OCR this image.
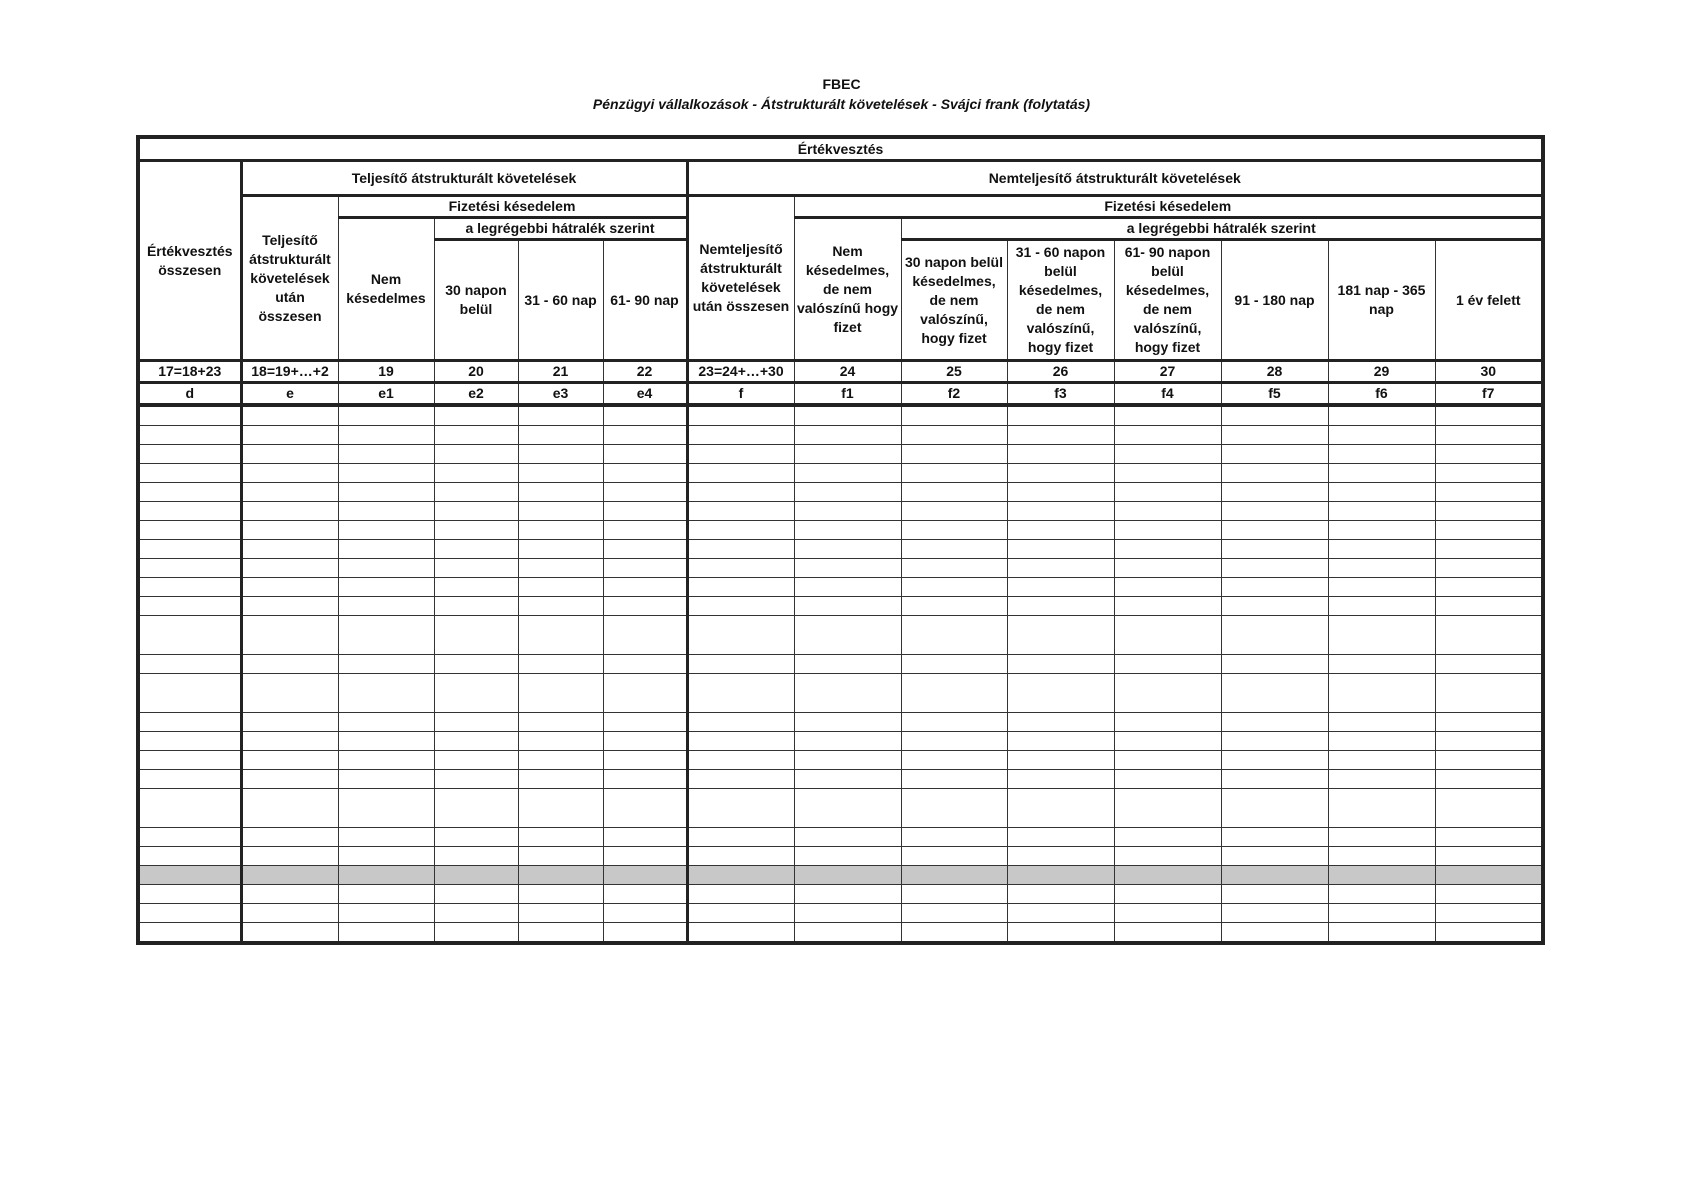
FBEC
Pénzügyi vállalkozások - Átstrukturált követelések - Svájci frank (folytatás)
Értékvesztés													
Értékvesztés összesen	Teljesítő átstrukturált követelések					Nemteljesítő átstrukturált követelések							
	Teljesítő átstrukturált követelések után összesen	Fizetési késedelem				Nemteljesítő átstrukturált követelések után összesen	Fizetési késedelem						
		Nem késedelmes	a legrégebbi hátralék szerint				Nem késedelmes, de nem valószínű hogy fizet	a legrégebbi hátralék szerint					
			30 napon belül	31 - 60 nap	61- 90 nap			30 napon belül késedelmes, de nem valószínű, hogy fizet	31 - 60 napon belül késedelmes, de nem valószínű, hogy fizet	61- 90 napon belül késedelmes, de nem valószínű, hogy fizet	91 - 180 nap	181 nap - 365 nap	1 év felett
17=18+23	18=19+…+2	19	20	21	22	23=24+…+30	24	25	26	27	28	29	30
d	e	e1	e2	e3	e4	f	f1	f2	f3	f4	f5	f6	f7
